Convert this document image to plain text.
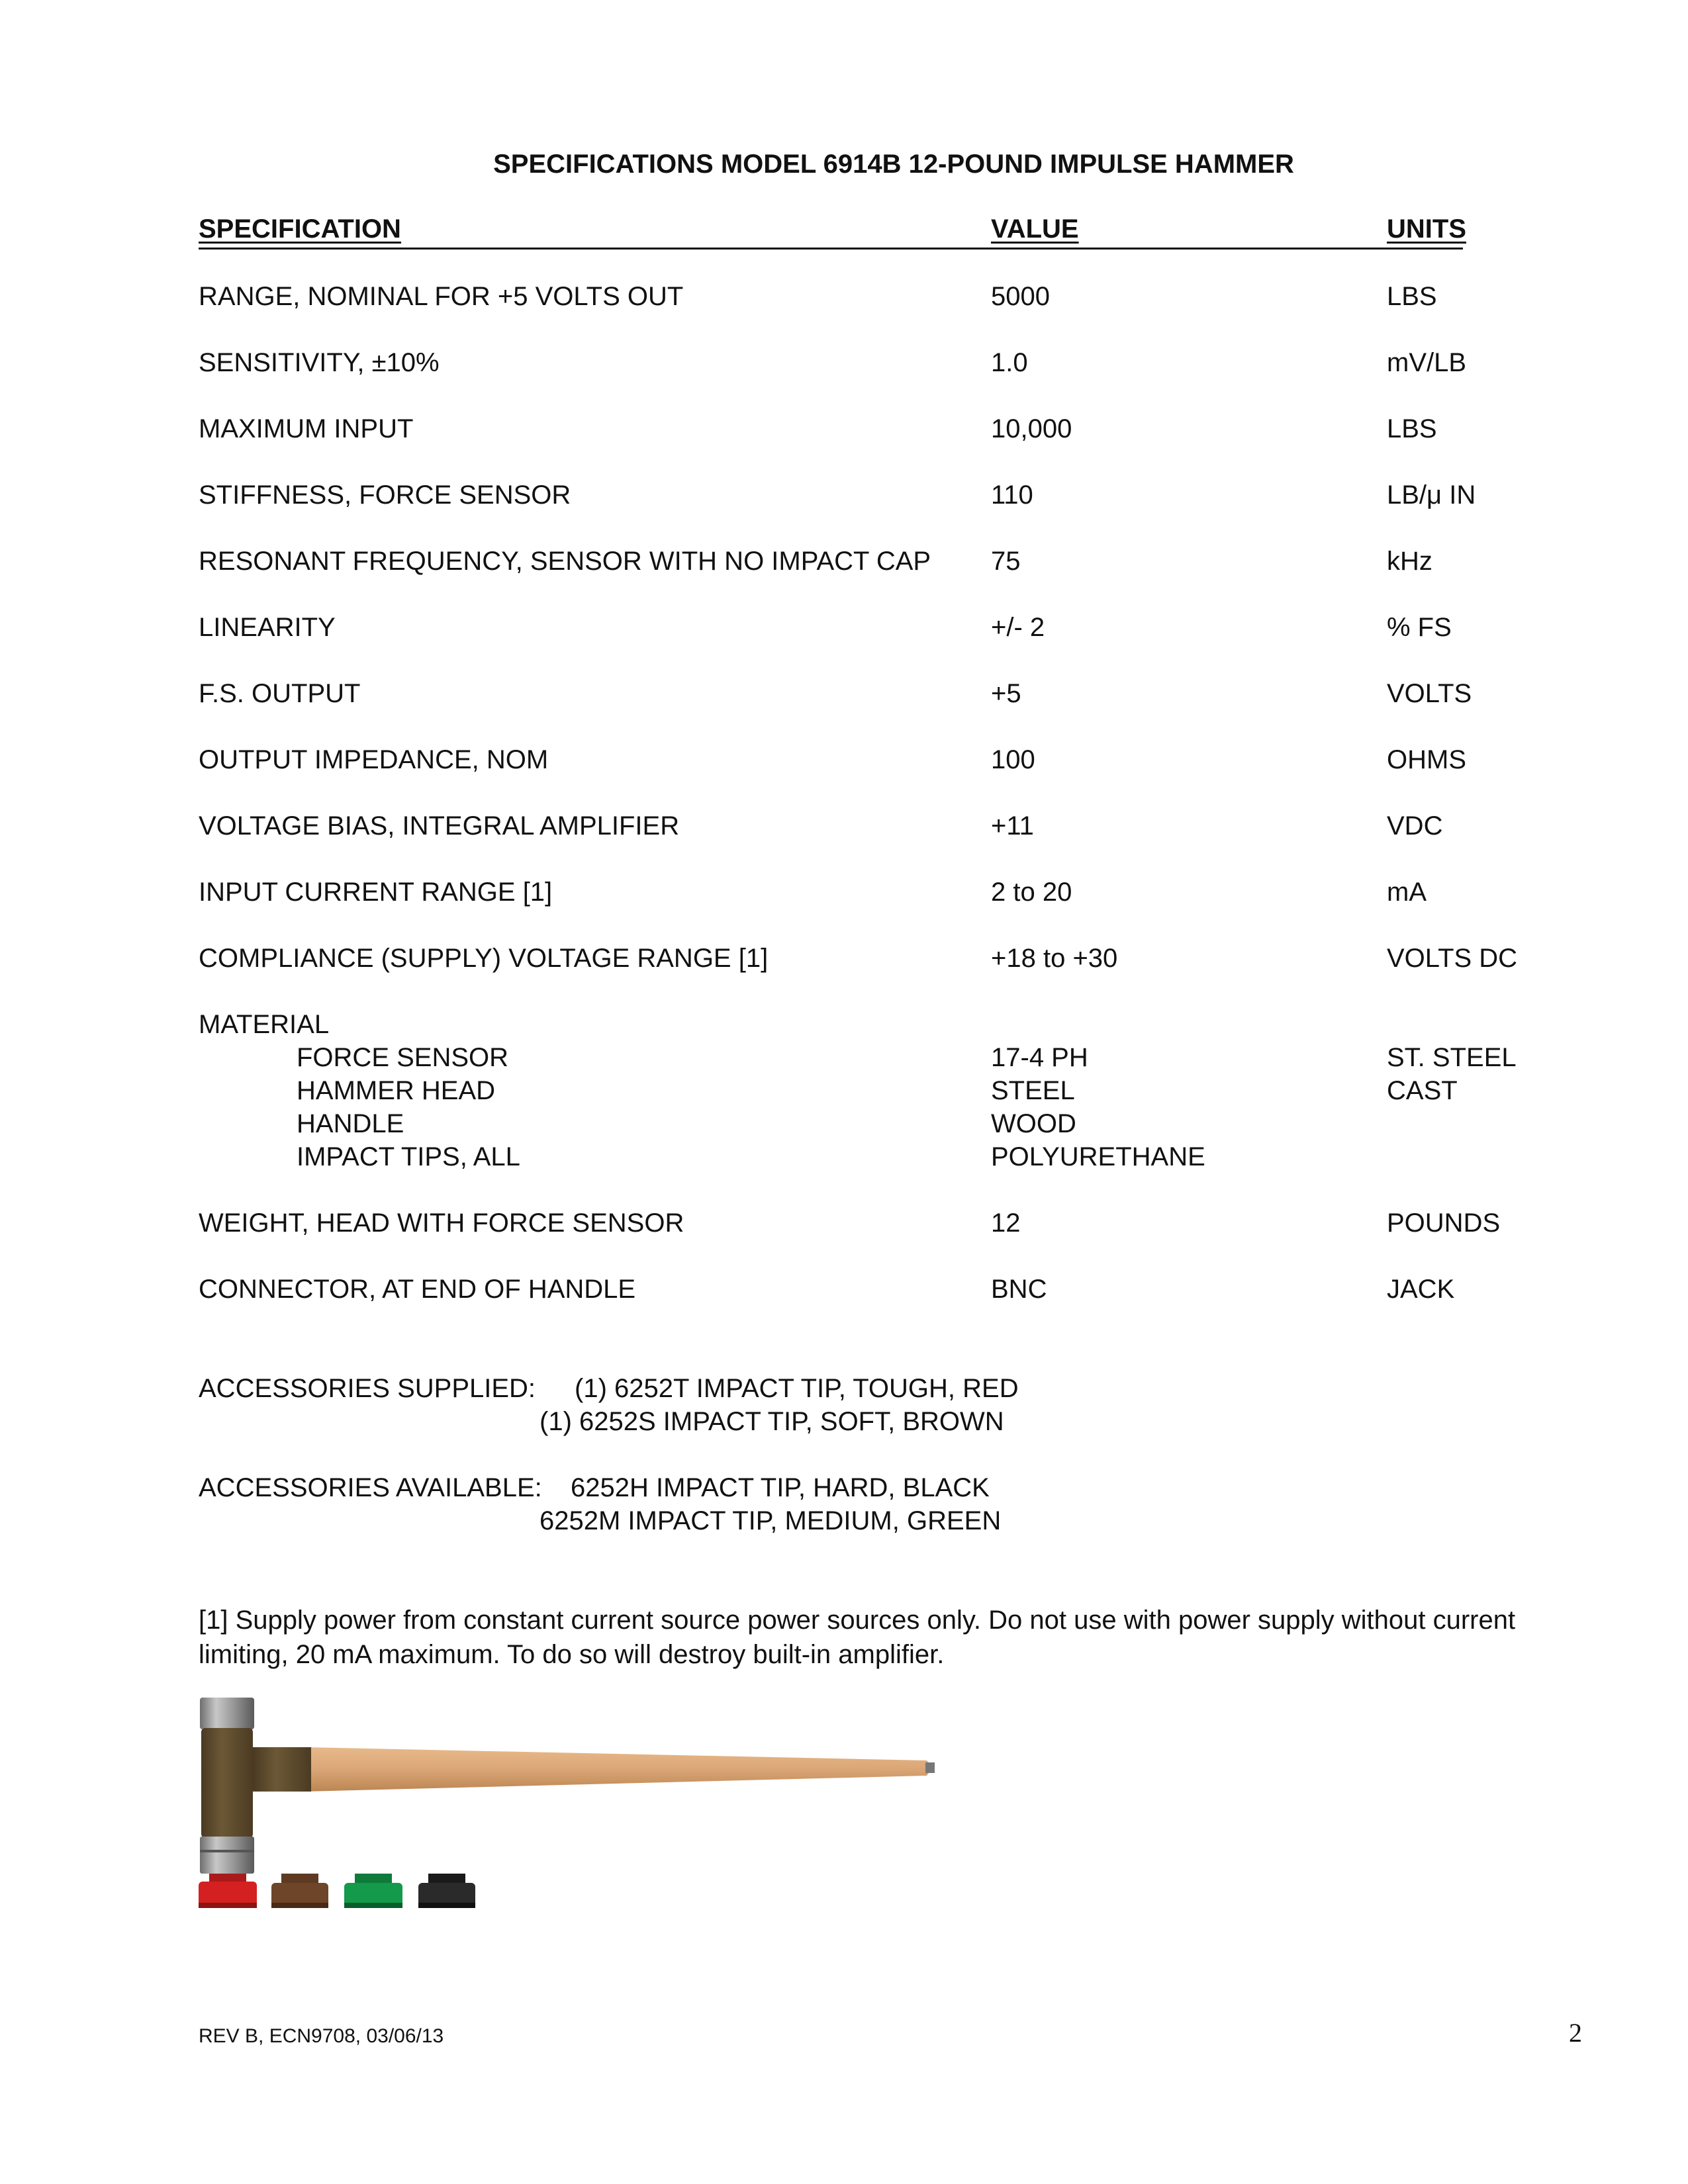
SPECIFICATIONS MODEL 6914B 12-POUND IMPULSE HAMMER
SPECIFICATION	VALUE	UNITS
RANGE, NOMINAL FOR +5 VOLTS OUT	5000	LBS
SENSITIVITY, ±10%	1.0	mV/LB
MAXIMUM INPUT	10,000	LBS
STIFFNESS, FORCE SENSOR	110	LB/μ IN
RESONANT FREQUENCY, SENSOR WITH NO IMPACT CAP 75	kHz
LINEARITY	+/- 2	% FS
F.S. OUTPUT	+5	VOLTS
OUTPUT IMPEDANCE, NOM	100	OHMS
VOLTAGE BIAS, INTEGRAL AMPLIFIER	+11	VDC
INPUT CURRENT RANGE [1]	2 to 20	mA
COMPLIANCE (SUPPLY) VOLTAGE RANGE [1]	+18 to +30	VOLTS DC
MATERIAL
FORCE SENSOR	17-4 PH	ST. STEEL
HAMMER HEAD	STEEL	CAST
HANDLE	WOOD
IMPACT TIPS, ALL	POLYURETHANE
WEIGHT, HEAD WITH FORCE SENSOR	12	POUNDS
CONNECTOR, AT END OF HANDLE	BNC	JACK
ACCESSORIES SUPPLIED: (1) 6252T IMPACT TIP, TOUGH, RED
(1) 6252S IMPACT TIP, SOFT, BROWN
ACCESSORIES AVAILABLE: 6252H IMPACT TIP, HARD, BLACK
6252M IMPACT TIP, MEDIUM, GREEN
[1] Supply power from constant current source power sources only. Do not use with power supply without current limiting, 20 mA maximum. To do so will destroy built-in amplifier.
REV B, ECN9708, 03/06/13	2
